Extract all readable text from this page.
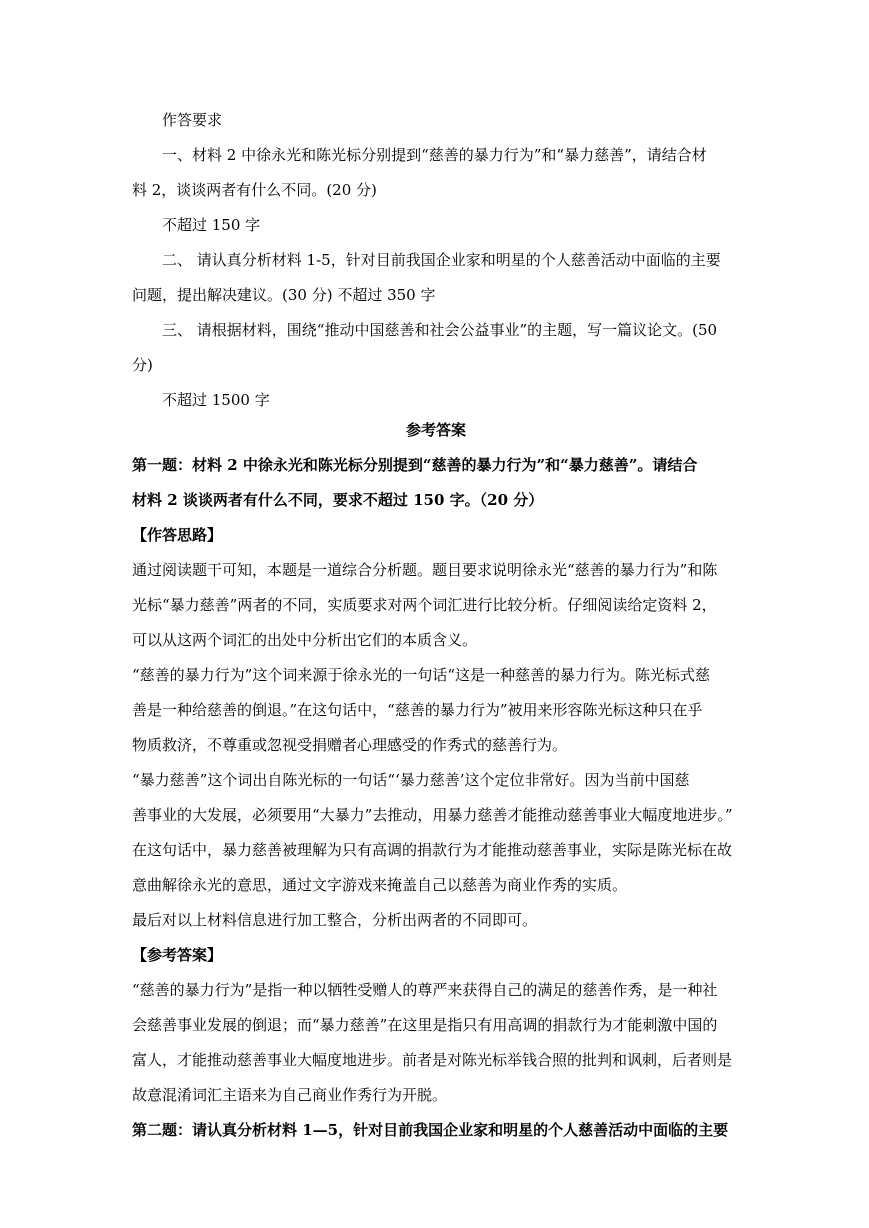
作答要求
一、材料 2 中徐永光和陈光标分别提到“慈善的暴力行为”和“暴力慈善”，请结合材
料 2，谈谈两者有什么不同。(20 分)
不超过 150 字
二、 请认真分析材料 1-5，针对目前我国企业家和明星的个人慈善活动中面临的主要
问题，提出解决建议。(30 分) 不超过 350 字
三、 请根据材料，围绕“推动中国慈善和社会公益事业”的主题，写一篇议论文。(50
分)
不超过 1500 字
参考答案
第一题：材料 2 中徐永光和陈光标分别提到“慈善的暴力行为”和“暴力慈善”。请结合
材料 2 谈谈两者有什么不同，要求不超过 150 字。（20 分）
【作答思路】
通过阅读题干可知，本题是一道综合分析题。题目要求说明徐永光“慈善的暴力行为”和陈
光标“暴力慈善”两者的不同，实质要求对两个词汇进行比较分析。仔细阅读给定资料 2，
可以从这两个词汇的出处中分析出它们的本质含义。
“慈善的暴力行为”这个词来源于徐永光的一句话“这是一种慈善的暴力行为。陈光标式慈
善是一种给慈善的倒退。”在这句话中，“慈善的暴力行为”被用来形容陈光标这种只在乎
物质救济，不尊重或忽视受捐赠者心理感受的作秀式的慈善行为。
“暴力慈善”这个词出自陈光标的一句话“‘暴力慈善’这个定位非常好。因为当前中国慈
善事业的大发展，必须要用“大暴力”去推动，用暴力慈善才能推动慈善事业大幅度地进步。”
在这句话中，暴力慈善被理解为只有高调的捐款行为才能推动慈善事业，实际是陈光标在故
意曲解徐永光的意思，通过文字游戏来掩盖自己以慈善为商业作秀的实质。
最后对以上材料信息进行加工整合，分析出两者的不同即可。
【参考答案】
“慈善的暴力行为”是指一种以牺牲受赠人的尊严来获得自己的满足的慈善作秀，是一种社
会慈善事业发展的倒退；而“暴力慈善”在这里是指只有用高调的捐款行为才能刺激中国的
富人，才能推动慈善事业大幅度地进步。前者是对陈光标举钱合照的批判和讽刺，后者则是
故意混淆词汇主语来为自己商业作秀行为开脱。
第二题：请认真分析材料 1—5，针对目前我国企业家和明星的个人慈善活动中面临的主要
